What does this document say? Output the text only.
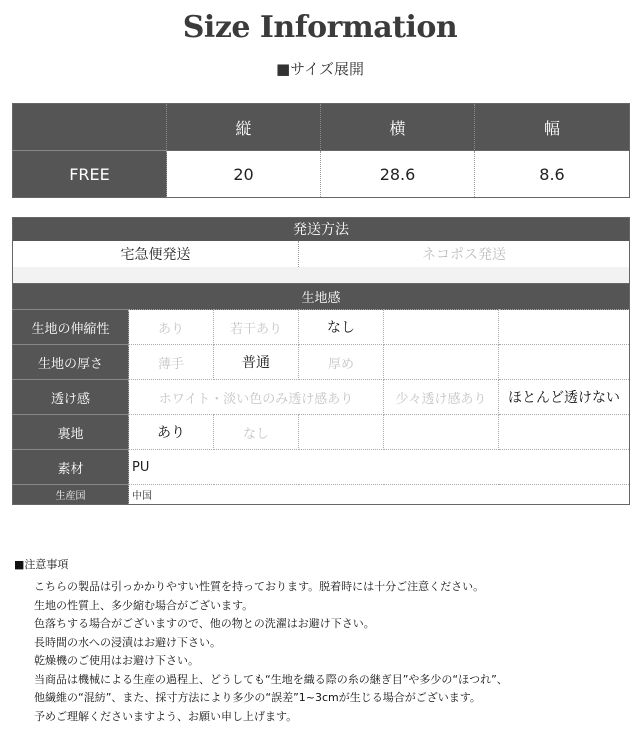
Size Information
■サイズ展開
	縦	横	幅
FREE	20	28.6	8.6
発送方法
宅急便発送	ネコポス発送

生地感					
生地の伸縮性	あり	若干あり	なし		
生地の厚さ	薄手	普通	厚め		
透け感	ホワイト・淡い色のみ透け感あり			少々透け感あり	ほとんど透けない
裏地	あり	なし			
素材	PU				
生産国	中国				
■注意事項
こちらの製品は引っかかりやすい性質を持っております。脱着時には十分ご注意ください。
生地の性質上、多少縮む場合がございます。
色落ちする場合がございますので、他の物との洗濯はお避け下さい。
長時間の水への浸漬はお避け下さい。
乾燥機のご使用はお避け下さい。
当商品は機械による生産の過程上、どうしても“生地を織る際の糸の継ぎ目”や多少の“ほつれ”、
他繊維の“混紡”、また、採寸方法により多少の“誤差”1~3cmが生じる場合がございます。
予めご理解くださいますよう、お願い申し上げます。
